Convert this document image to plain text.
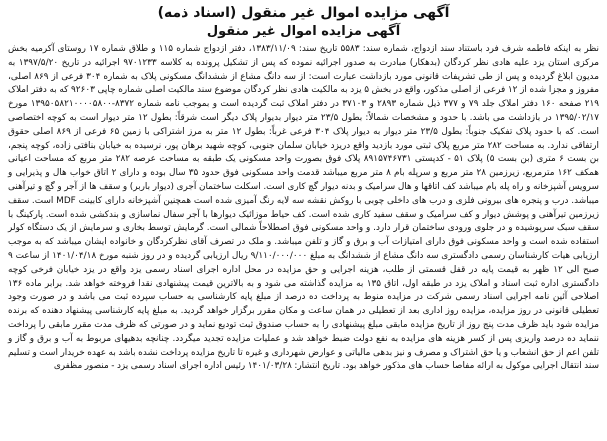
آگهی مزایده اموال غیر منقول (اسناد ذمه)
آگهی مزایده اموال غیر منقول

نظر به اینکه فاطمه شرف فرد باستناد سند ازدواج، شماره سند: ۵۵۸۳ تاریخ سند: ۱۳۸۳/۱۱/۰۹، دفتر ازدواج شماره ۱۱۵ و طلاق شماره ۱۷ روستای آکرمیه بخش مرکزی استان یزد علیه هادی نظر کردگان (بدهکار) مبادرت به صدور اجرائیه نموده که پس از تشکیل پرونده به کلاسه ۹۷۰۱۲۳۳ اجرائیه در تاریخ ۱۳۹۷/۵/۲۰ به مدیون ابلاغ گردیده و پس از طی تشریفات قانونی مورد بازداشت عبارت است: از سه دانگ مشاع از ششدانگ مسکونی پلاک به شماره ۳۰۴ فرعی از ۸۶۹ اصلی، مفروز و مجزا شده از ۱۲ فرعی از اصلی مذکور، واقع در بخش ۵ یزد به مالکیت هادی نظر کردگان موضوع سند مالکیت اصلی شماره چاپی ۹۲۶۰۳ که به دفتر املاک ۲۱۹ صفحه ۱۶۰ دفتر املاک جلد ۷۹ و ۳۷۷ ذیل شماره ۲۸۹۳ و ۳۷۱۰۳ در دفتر املاک ثبت گردیده است و بموجب نامه شماره ۸۳۷۲-۱۳۹۵۰۵۸۲۱۰۰۰۰۵۸۰۰ مورخ ۱۳۹۵/۰۲/۱۷ در بازداشت می باشد. با حدود و مشخصات شمالاً: بطول ۲۳/۵ متر دیوار بدیوار پلاک دیگر است شرقاً: بطول ۱۲ متر دیوار است به کوچه اختصاصی است. که با حدود پلاک تفکیک جنوباً: بطول ۲۳/۵ متر دیوار به دیوار پلاک ۳۰۴ فرعی غرباً: بطول ۱۲ متر به مرز اشتراکی با زمین ۶۵ فرعی از ۸۶۹ اصلی حقوق ارتفاقی ندارد. به مساحت ۲۸۲ متر مربع پلاک ثبتی مورد بازدید واقع دریزد خیابان سلمان جنوبی، کوچه شهید برهان پور، نرسیده به خیابان بنافتی زاده، کوچه پنجم، بن بست ۶ متری (بن بست ۵) پلاک ۵۱ - کدپستی ۸۹۱۵۷۴۶۷۳۱ پلاک فوق بصورت واحد مسکونی یک طبقه به مساحت عرصه ۲۸۲ متر مربع که مساحت اعیانی همکف ۱۶۲ مترمربع، زیرزمین ۲۸ متر مربع و سرپله بام ۸ متر مربع میباشد قدمت واحد مسکونی فوق حدود ۳۵ سال بوده و دارای ۲ اتاق خواب هال و پذیرایی و سرویس آشپزخانه و راه پله بام میباشد کف اتاقها و هال سرامیک و بدنه دیوار گچ کاری است. اسکلت ساختمان آجری (دیوار باربر) و سقف ها از آجر و گچ و تیرآهنی میباشد. درب و پنجره های بیرونی فلزی و درب های داخلی چوبی با روکش نقشه سه لایه رنگ آمیزی شده است همچنین آشپزخانه دارای کابینت MDF است. سقف زیرزمین تیرآهنی و پوشش دیوار و کف سرامیک و سقف سفید کاری شده است. کف حیاط موزائیک دیوارها با آجر سفال نماسازی و بندکشی شده است. پارکینگ با سقف سبک سرپوشیده و در جلوی ورودی ساختمان قرار دارد. و واحد مسکونی فوق اصطلاحاً شمالی است. گرمایش توسط بخاری و سرمایش از یک دستگاه کولر استفاده شده است و واحد مسکونی فوق دارای امتیازات آب و برق و گاز و تلفن میباشد. و ملک در تصرف آقای نظرکردگان و خانواده ایشان میباشد که به موجب ارزیابی هیات کارشناسان رسمی دادگستری سه دانگ مشاع از ششدانگ به مبلغ ۹/۱۱۰/۰۰۰/۰۰۰ ریال ارزیابی گردیده و در روز شنبه مورخ ۱۴۰۱/۰۴/۱۸ از ساعت ۹ صبح الی ۱۲ ظهر به قیمت پایه در قفل قسمتی از طلب، هزینه اجرایی و حق مزایده در محل اداره اجرای اسناد رسمی یزد واقع در یزد خیابان فرخی کوچه دادگستری اداره ثبت اسناد و املاک یزد در طبقه اول، اتاق ۱۳۵ به مزایده گذاشته می شود و به بالاترین قیمت پیشنهادی نقدا فروخته خواهد شد. برابر ماده ۱۳۶ اصلاحی آئین نامه اجرایی اسناد رسمی شرکت در مزایده منوط به پرداخت ده درصد از مبلغ پایه کارشناسی به حساب سپرده ثبت می باشد و در صورت وجود تعطیلی قانونی در روز مزایده، مزایده روز اداری بعد از تعطیلی در همان ساعت و مکان مقرر برگزار خواهد گردید. به مبلغ پایه کارشناسی پیشنهاد دهنده که برنده مزایده شود باید ظرف مدت پنج روز از تاریخ مزایده مابقی مبلغ پیشنهادی را به حساب صندوق ثبت تودیع نماید و در صورتی که ظرف مدت مقرر مابقی را پرداخت ننماید ده درصد واریزی پس از کسر هزینه های مزایده به نفع دولت ضبط خواهد شد و عملیات مزایده تجدید میگردد. چنانچه بدهیهای مربوط به آب و برق و گاز و تلفن اعم از حق انشعاب و یا حق اشتراک و مصرف و نیز بدهی مالیاتی و عوارض شهرداری و غیره تا تاریخ مزایده پرداخت نشده باشد به عهده خریدار است و تسلیم سند انتقال اجرایی موکول به ارائه مفاصا حساب های مذکور خواهد بود. تاریخ انتشار: ۱۴۰۱/۰۳/۲۸ رئیس اداره اجرای اسناد رسمی یزد - منصور مظفری
